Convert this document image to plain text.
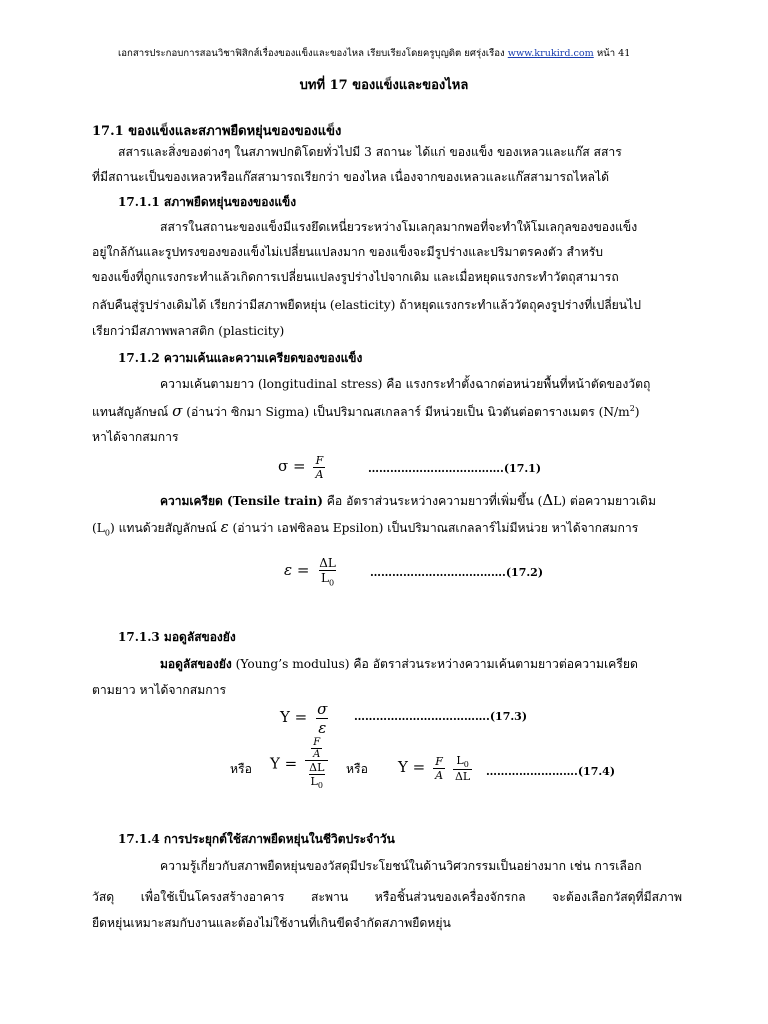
เอกสารประกอบการสอนวิชาฟิสิกส์เรื่องของแข็งและของไหล เรียบเรียงโดยครูบุญดิต ยศรุ่งเรือง www.krukird.com หน้า 41
บทที่ 17 ของแข็งและของไหล
17.1 ของแข็งและสภาพยืดหยุ่นของของแข็ง
สสารและสิ่งของต่างๆ ในสภาพปกติโดยทั่วไปมี 3 สถานะ ได้แก่ ของแข็ง ของเหลวและแก๊ส สสาร
ที่มีสถานะเป็นของเหลวหรือแก๊สสามารถเรียกว่า ของไหล เนื่องจากของเหลวและแก๊สสามารถไหลได้
17.1.1 สภาพยืดหยุ่นของของแข็ง
สสารในสถานะของแข็งมีแรงยึดเหนี่ยวระหว่างโมเลกุลมากพอที่จะทำให้โมเลกุลของของแข็ง
อยู่ใกล้กันและรูปทรงของของแข็งไม่เปลี่ยนแปลงมาก ของแข็งจะมีรูปร่างและปริมาตรคงตัว สำหรับ
ของแข็งที่ถูกแรงกระทำแล้วเกิดการเปลี่ยนแปลงรูปร่างไปจากเดิม และเมื่อหยุดแรงกระทำวัตถุสามารถ
กลับคืนสู่รูปร่างเดิมได้ เรียกว่ามีสภาพยืดหยุ่น (elasticity) ถ้าหยุดแรงกระทำแล้ววัตถุคงรูปร่างที่เปลี่ยนไป
เรียกว่ามีสภาพพลาสติก (plasticity)
17.1.2 ความเค้นและความเครียดของของแข็ง
ความเค้นตามยาว (longitudinal stress) คือ แรงกระทำตั้งฉากต่อหน่วยพื้นที่หน้าตัดของวัตถุ
แทนสัญลักษณ์ σ (อ่านว่า ซิกมา Sigma) เป็นปริมาณสเกลลาร์ มีหน่วยเป็น นิวตันต่อตารางเมตร $(N/m^2)$
หาได้จากสมการ
$\sigma = \frac{F}{A}$	……………………………….(17.1)
ความเครียด (Tensile train) คือ อัตราส่วนระหว่างความยาวที่เพิ่มขึ้น (ΔL) ต่อความยาวเดิม
$(L_0)$ แทนด้วยสัญลักษณ์ ε (อ่านว่า เอฟซิลอน Epsilon) เป็นปริมาณสเกลลาร์ไม่มีหน่วย หาได้จากสมการ
$\varepsilon = \frac{\Delta L}{L_0}$	……………………………….(17.2)
17.1.3 มอดูลัสของยัง
มอดูลัสของยัง (Young’s modulus) คือ อัตราส่วนระหว่างความเค้นตามยาวต่อความเครียด
ตามยาว หาได้จากสมการ
$Y = \frac{\sigma}{\varepsilon}$ ……………………………….(17.3)
หรือ $Y = \frac{\frac{F}{A}}{\frac{\Delta L}{L_0}}$ หรือ $Y = \frac{F}{A}$
$\frac{L_0}{\Delta L}$ …………………….(17.4)
17.1.4 การประยุกต์ใช้สภาพยืดหยุ่นในชีวิตประจำวัน
ความรู้เกี่ยวกับสภาพยืดหยุ่นของวัสดุมีประโยชน์ในด้านวิศวกรรมเป็นอย่างมาก เช่น การเลือก
วัสดุ เพื่อใช้เป็นโครงสร้างอาคาร สะพาน หรือชิ้นส่วนของเครื่องจักรกล จะต้องเลือกวัสดุที่มีสภาพ
ยืดหยุ่นเหมาะสมกับงานและต้องไม่ใช้งานที่เกินขีดจำกัดสภาพยืดหยุ่น
